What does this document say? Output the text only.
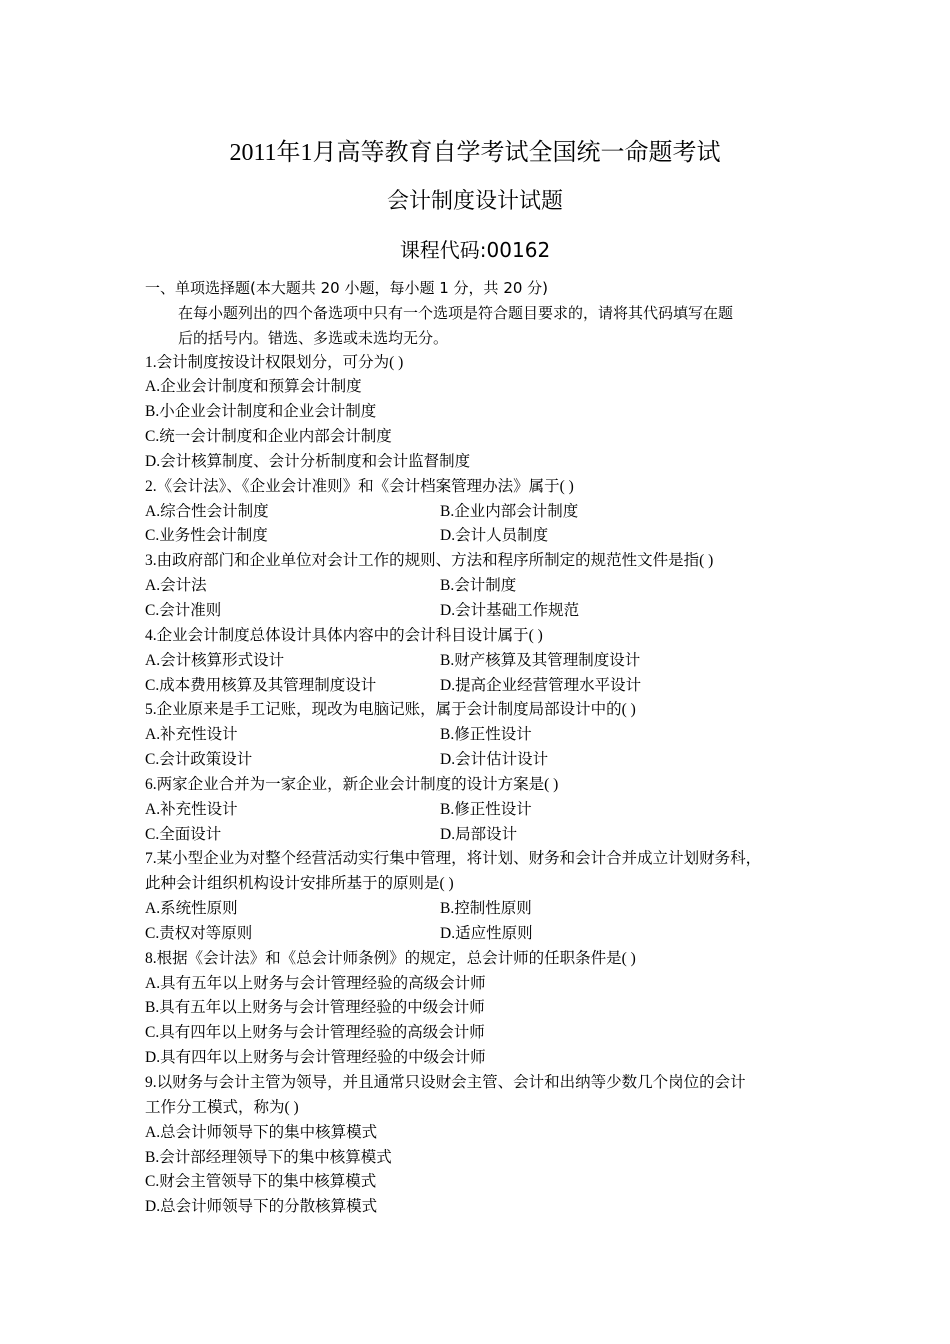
2011年1月高等教育自学考试全国统一命题考试
会计制度设计试题
课程代码:00162
一、单项选择题(本大题共 20 小题，每小题 1 分，共 20 分)
在每小题列出的四个备选项中只有一个选项是符合题目要求的，请将其代码填写在题
后的括号内。错选、多选或未选均无分。
1.会计制度按设计权限划分，可分为( )
A.企业会计制度和预算会计制度
B.小企业会计制度和企业会计制度
C.统一会计制度和企业内部会计制度
D.会计核算制度、会计分析制度和会计监督制度
2.《会计法》、《企业会计准则》和《会计档案管理办法》属于( )
A.综合性会计制度	B.企业内部会计制度
C.业务性会计制度	D.会计人员制度
3.由政府部门和企业单位对会计工作的规则、方法和程序所制定的规范性文件是指( )
A.会计法	B.会计制度
C.会计准则	D.会计基础工作规范
4.企业会计制度总体设计具体内容中的会计科目设计属于( )
A.会计核算形式设计	B.财产核算及其管理制度设计
C.成本费用核算及其管理制度设计	D.提高企业经营管理水平设计
5.企业原来是手工记账，现改为电脑记账，属于会计制度局部设计中的( )
A.补充性设计	B.修正性设计
C.会计政策设计	D.会计估计设计
6.两家企业合并为一家企业，新企业会计制度的设计方案是( )
A.补充性设计	B.修正性设计
C.全面设计	D.局部设计
7.某小型企业为对整个经营活动实行集中管理，将计划、财务和会计合并成立计划财务科，
此种会计组织机构设计安排所基于的原则是( )
A.系统性原则	B.控制性原则
C.责权对等原则	D.适应性原则
8.根据《会计法》和《总会计师条例》的规定，总会计师的任职条件是( )
A.具有五年以上财务与会计管理经验的高级会计师
B.具有五年以上财务与会计管理经验的中级会计师
C.具有四年以上财务与会计管理经验的高级会计师
D.具有四年以上财务与会计管理经验的中级会计师
9.以财务与会计主管为领导，并且通常只设财会主管、会计和出纳等少数几个岗位的会计
工作分工模式，称为( )
A.总会计师领导下的集中核算模式
B.会计部经理领导下的集中核算模式
C.财会主管领导下的集中核算模式
D.总会计师领导下的分散核算模式
